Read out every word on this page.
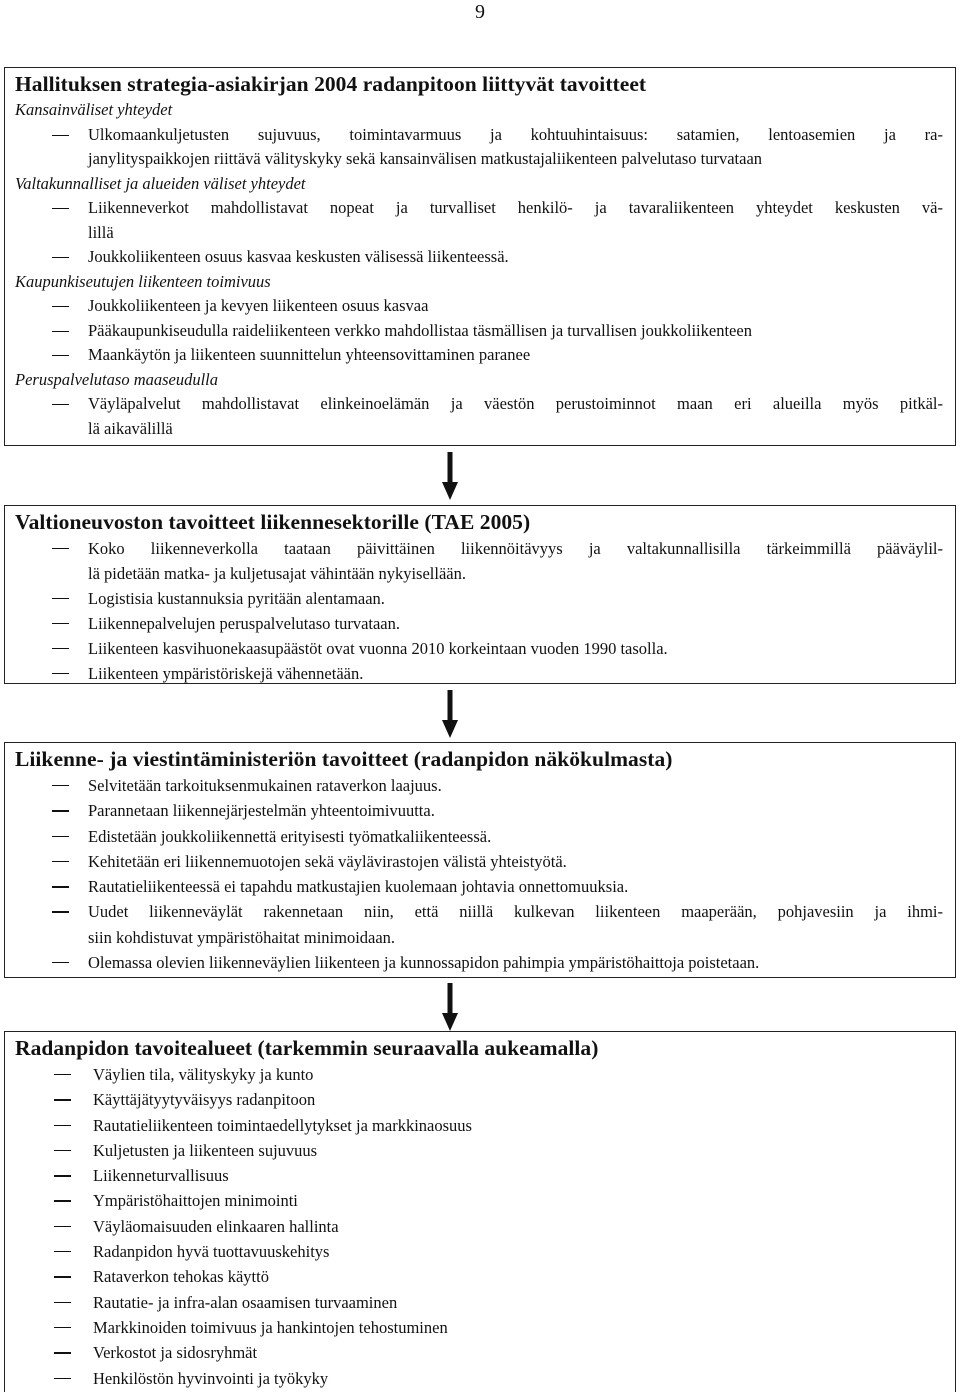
9
Hallituksen strategia-asiakirjan 2004 radanpitoon liittyvät tavoitteet
Kansainväliset yhteydet
Ulkomaankuljetusten sujuvuus, toimintavarmuus ja kohtuuhintaisuus: satamien, lentoasemien ja ra-
janylityspaikkojen riittävä välityskyky sekä kansainvälisen matkustajaliikenteen palvelutaso turvataan
Valtakunnalliset ja alueiden väliset yhteydet
Liikenneverkot mahdollistavat nopeat ja turvalliset henkilö- ja tavaraliikenteen yhteydet keskusten vä-
lillä
Joukkoliikenteen osuus kasvaa keskusten välisessä liikenteessä.
Kaupunkiseutujen liikenteen toimivuus
Joukkoliikenteen ja kevyen liikenteen osuus kasvaa
Pääkaupunkiseudulla raideliikenteen verkko mahdollistaa täsmällisen ja turvallisen joukkoliikenteen
Maankäytön ja liikenteen suunnittelun yhteensovittaminen paranee
Peruspalvelutaso maaseudulla
Väyläpalvelut mahdollistavat elinkeinoelämän ja väestön perustoiminnot maan eri alueilla myös pitkäl-
lä aikavälillä
Valtioneuvoston tavoitteet liikennesektorille (TAE 2005)
Koko liikenneverkolla taataan päivittäinen liikennöitävyys ja valtakunnallisilla tärkeimmillä pääväylil-
lä pidetään matka- ja kuljetusajat vähintään nykyisellään.
Logistisia kustannuksia pyritään alentamaan.
Liikennepalvelujen peruspalvelutaso turvataan.
Liikenteen kasvihuonekaasupäästöt ovat vuonna 2010 korkeintaan vuoden 1990 tasolla.
Liikenteen ympäristöriskejä vähennetään.
Liikenne- ja viestintäministeriön tavoitteet (radanpidon näkökulmasta)
Selvitetään tarkoituksenmukainen rataverkon laajuus.
Parannetaan liikennejärjestelmän yhteentoimivuutta.
Edistetään joukkoliikennettä erityisesti työmatkaliikenteessä.
Kehitetään eri liikennemuotojen sekä väylävirastojen välistä yhteistyötä.
Rautatieliikenteessä ei tapahdu matkustajien kuolemaan johtavia onnettomuuksia.
Uudet liikenneväylät rakennetaan niin, että niillä kulkevan liikenteen maaperään, pohjavesiin ja ihmi-
siin kohdistuvat ympäristöhaitat minimoidaan.
Olemassa olevien liikenneväylien liikenteen ja kunnossapidon pahimpia ympäristöhaittoja poistetaan.
Radanpidon tavoitealueet (tarkemmin seuraavalla aukeamalla)
Väylien tila, välityskyky ja kunto
Käyttäjätyytyväisyys radanpitoon
Rautatieliikenteen toimintaedellytykset ja markkinaosuus
Kuljetusten ja liikenteen sujuvuus
Liikenneturvallisuus
Ympäristöhaittojen minimointi
Väyläomaisuuden elinkaaren hallinta
Radanpidon hyvä tuottavuuskehitys
Rataverkon tehokas käyttö
Rautatie- ja infra-alan osaamisen turvaaminen
Markkinoiden toimivuus ja hankintojen tehostuminen
Verkostot ja sidosryhmät
Henkilöstön hyvinvointi ja työkyky
